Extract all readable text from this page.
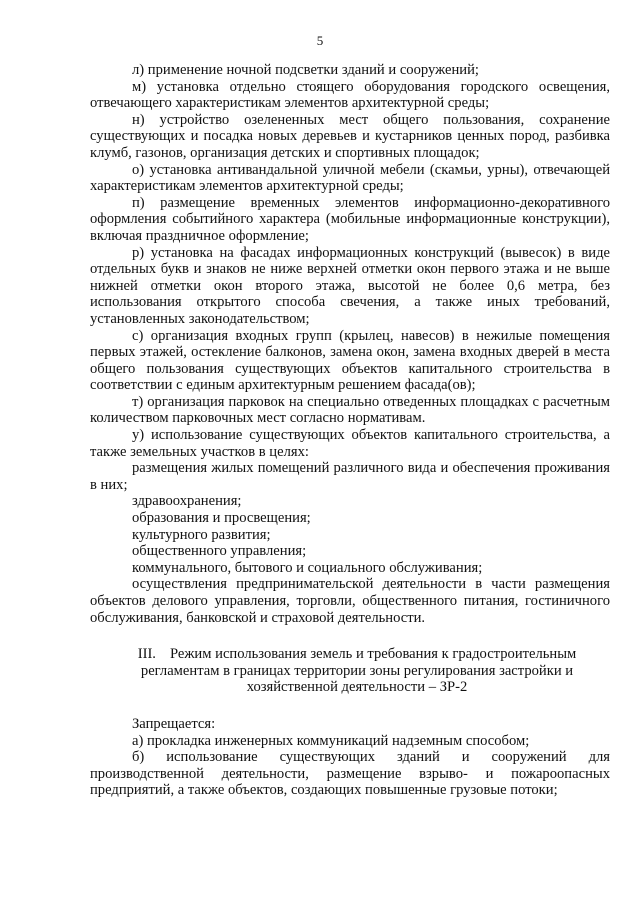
5

л) применение ночной подсветки зданий и сооружений;

м) установка отдельно стоящего оборудования городского освещения, отвечающего характеристикам элементов архитектурной среды;

н) устройство озелененных мест общего пользования, сохранение существующих и посадка новых деревьев и кустарников ценных пород, разбивка клумб, газонов, организация детских и спортивных площадок;

о) установка антивандальной уличной мебели (скамьи, урны), отвечающей характеристикам элементов архитектурной среды;

п) размещение временных элементов информационно-декоративного оформления событийного характера (мобильные информационные конструкции), включая праздничное оформление;

р) установка на фасадах информационных конструкций (вывесок) в виде отдельных букв и знаков не ниже верхней отметки окон первого этажа и не выше нижней отметки окон второго этажа, высотой не более 0,6 метра, без использования открытого способа свечения, а также иных требований, установленных законодательством;

с) организация входных групп (крылец, навесов) в нежилые помещения первых этажей, остекление балконов, замена окон, замена входных дверей в места общего пользования существующих объектов капитального строительства в соответствии с единым архитектурным решением фасада(ов);

т) организация парковок на специально отведенных площадках с расчетным количеством парковочных мест согласно нормативам.

у) использование существующих объектов капитального строительства, а также земельных участков в целях:

размещения жилых помещений различного вида и обеспечения проживания в них;

здравоохранения;

образования и просвещения;

культурного развития;

общественного управления;

коммунального, бытового и социального обслуживания;

осуществления предпринимательской деятельности в части размещения объектов делового управления, торговли, общественного питания, гостиничного обслуживания, банковской и страховой деятельности.

III. Режим использования земель и требования к градостроительным регламентам в границах территории зоны регулирования застройки и хозяйственной деятельности – ЗР-2

Запрещается:

а) прокладка инженерных коммуникаций надземным способом;

б) использование существующих зданий и сооружений для производственной деятельности, размещение взрыво- и пожароопасных предприятий, а также объектов, создающих повышенные грузовые потоки;
